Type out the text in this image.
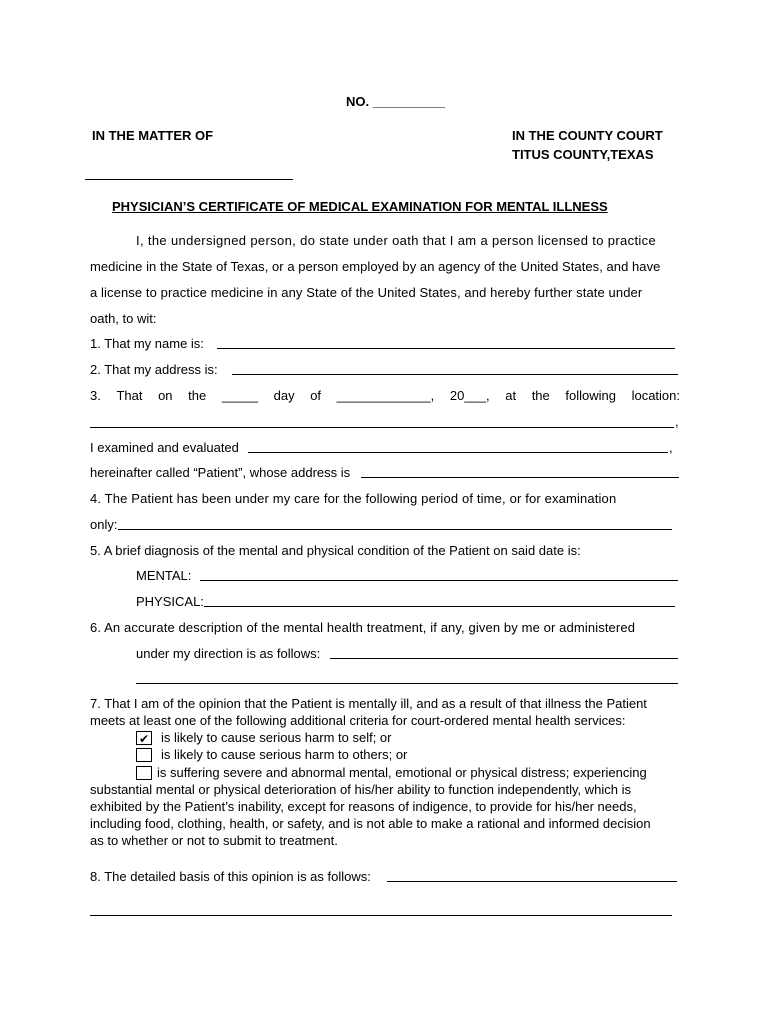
NO. __________
IN THE MATTER OF	IN THE COUNTY COURT
TITUS COUNTY,TEXAS
PHYSICIAN’S CERTIFICATE OF MEDICAL EXAMINATION FOR MENTAL ILLNESS
I, the undersigned person, do state under oath that I am a person licensed to practice
medicine in the State of Texas, or a person employed by an agency of the United States, and have
a license to practice medicine in any State of the United States, and hereby further state under
oath, to wit:
1. That my name is:
2. That my address is:
3. That on the _____ day of _____________, 20___, at the following location:
,
I examined and evaluated	,
hereinafter called “Patient”, whose address is
4. The Patient has been under my care for the following period of time, or for examination
only:
5. A brief diagnosis of the mental and physical condition of the Patient on said date is:
MENTAL:
PHYSICAL:
6. An accurate description of the mental health treatment, if any, given by me or administered
under my direction is as follows:
7. That I am of the opinion that the Patient is mentally ill, and as a result of that illness the Patient
meets at least one of the following additional criteria for court-ordered mental health services:
✔ is likely to cause serious harm to self; or
is likely to cause serious harm to others; or
is suffering severe and abnormal mental, emotional or physical distress; experiencing
substantial mental or physical deterioration of his/her ability to function independently, which is
exhibited by the Patient’s inability, except for reasons of indigence, to provide for his/her needs,
including food, clothing, health, or safety, and is not able to make a rational and informed decision
as to whether or not to submit to treatment.
8. The detailed basis of this opinion is as follows:
